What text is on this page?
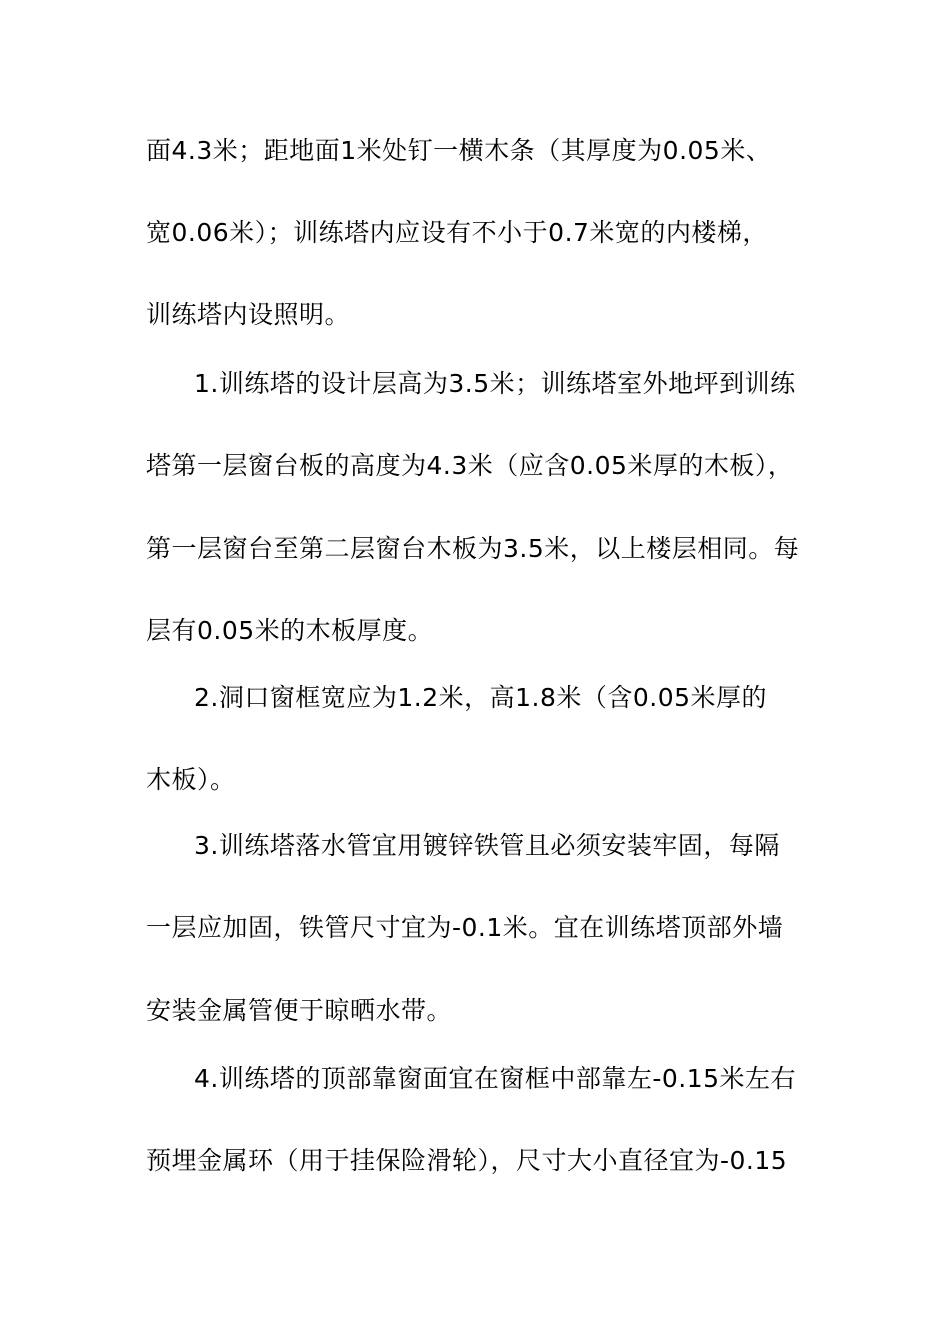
面4.3米；距地面1米处钉一横木条（其厚度为0.05米、
宽0.06米）；训练塔内应设有不小于0.7米宽的内楼梯，
训练塔内设照明。
1.训练塔的设计层高为3.5米；训练塔室外地坪到训练
塔第一层窗台板的高度为4.3米（应含0.05米厚的木板），
第一层窗台至第二层窗台木板为3.5米，以上楼层相同。每
层有0.05米的木板厚度。
2.洞口窗框宽应为1.2米，高1.8米（含0.05米厚的
木板）。
3.训练塔落水管宜用镀锌铁管且必须安装牢固，每隔
一层应加固，铁管尺寸宜为-0.1米。宜在训练塔顶部外墙
安装金属管便于晾晒水带。
4.训练塔的顶部靠窗面宜在窗框中部靠左-0.15米左右
预埋金属环（用于挂保险滑轮），尺寸大小直径宜为-0.15
